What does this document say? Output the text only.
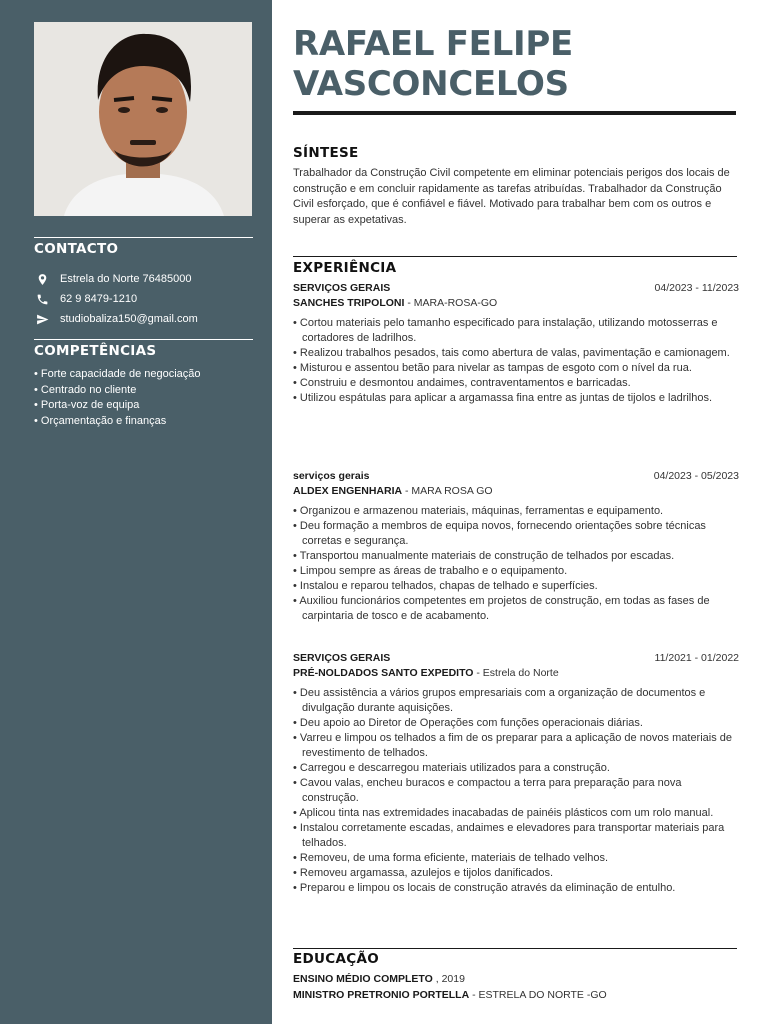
CONTACTO
Estrela do Norte 76485000
62 9 8479-1210
studiobaliza150@gmail.com
COMPETÊNCIAS
• Forte capacidade de negociação
• Centrado no cliente
• Porta-voz de equipa
• Orçamentação e finanças
RAFAEL FELIPE VASCONCELOS
SÍNTESE

Trabalhador da Construção Civil competente em eliminar potenciais perigos dos locais de construção e em concluir rapidamente as tarefas atribuídas. Trabalhador da Construção Civil esforçado, que é confiável e fiável. Motivado para trabalhar bem com os outros e superar as expetativas.

EXPERIÊNCIA
SERVIÇOS GERAIS	04/2023 - 11/2023
SANCHES TRIPOLONI - MARA-ROSA-GO
• Cortou materiais pelo tamanho especificado para instalação, utilizando motosserras e cortadores de ladrilhos.
• Realizou trabalhos pesados, tais como abertura de valas, pavimentação e camionagem.
• Misturou e assentou betão para nivelar as tampas de esgoto com o nível da rua.
• Construiu e desmontou andaimes, contraventamentos e barricadas.
• Utilizou espátulas para aplicar a argamassa fina entre as juntas de tijolos e ladrilhos.
serviços gerais	04/2023 - 05/2023
ALDEX ENGENHARIA - MARA ROSA GO
• Organizou e armazenou materiais, máquinas, ferramentas e equipamento.
• Deu formação a membros de equipa novos, fornecendo orientações sobre técnicas corretas e segurança.
• Transportou manualmente materiais de construção de telhados por escadas.
• Limpou sempre as áreas de trabalho e o equipamento.
• Instalou e reparou telhados, chapas de telhado e superfícies.
• Auxiliou funcionários competentes em projetos de construção, em todas as fases de carpintaria de tosco e de acabamento.
SERVIÇOS GERAIS	11/2021 - 01/2022
PRÉ-NOLDADOS SANTO EXPEDITO - Estrela do Norte
• Deu assistência a vários grupos empresariais com a organização de documentos e divulgação durante aquisições.
• Deu apoio ao Diretor de Operações com funções operacionais diárias.
• Varreu e limpou os telhados a fim de os preparar para a aplicação de novos materiais de revestimento de telhados.
• Carregou e descarregou materiais utilizados para a construção.
• Cavou valas, encheu buracos e compactou a terra para preparação para nova construção.
• Aplicou tinta nas extremidades inacabadas de painéis plásticos com um rolo manual.
• Instalou corretamente escadas, andaimes e elevadores para transportar materiais para telhados.
• Removeu, de uma forma eficiente, materiais de telhado velhos.
• Removeu argamassa, azulejos e tijolos danificados.
• Preparou e limpou os locais de construção através da eliminação de entulho.
EDUCAÇÃO
ENSINO MÉDIO COMPLETO , 2019
MINISTRO PRETRONIO PORTELLA - ESTRELA DO NORTE -GO
